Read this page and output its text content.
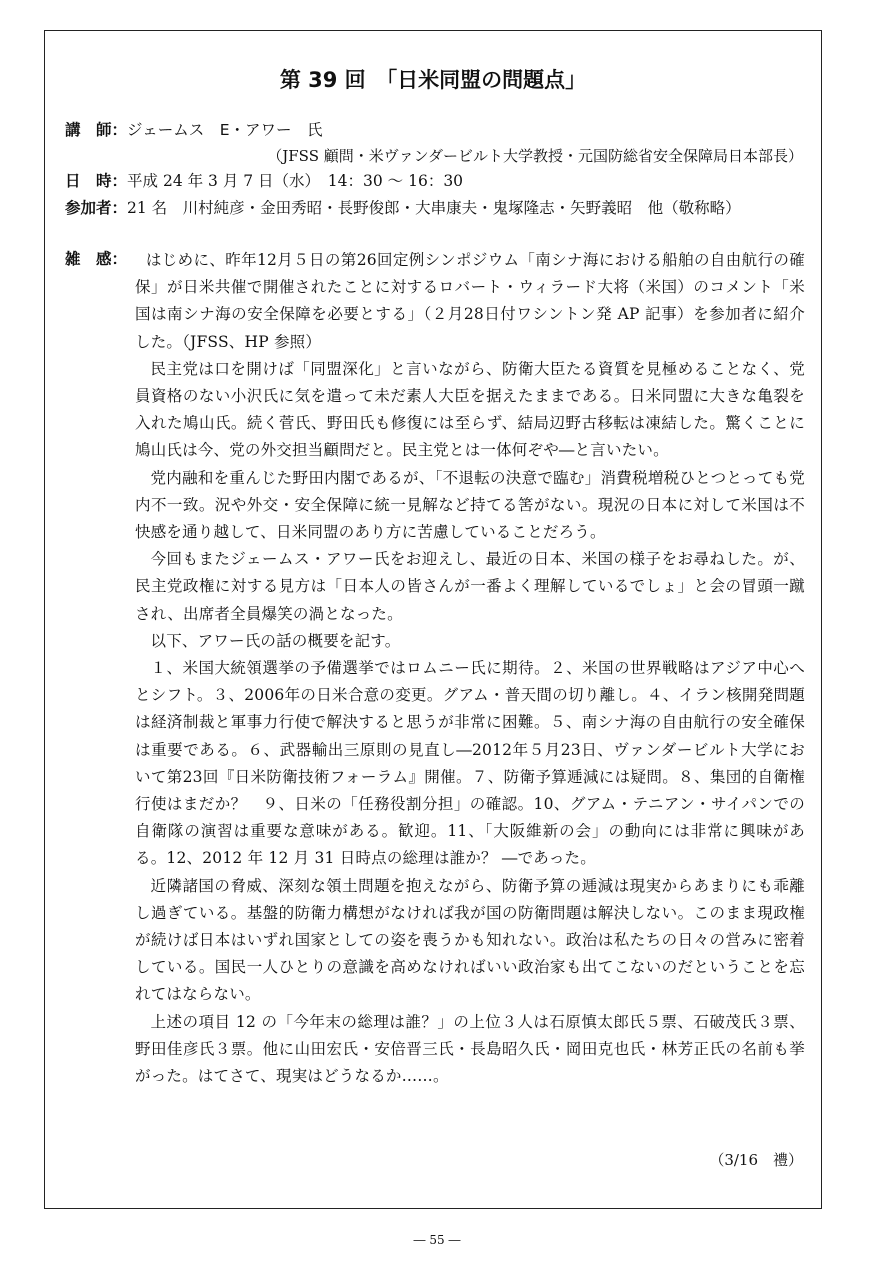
第 39 回　「日米同盟の問題点」
講　師：ジェームス　E・アワー　氏
（JFSS 顧問・米ヴァンダービルト大学教授・元国防総省安全保障局日本部長）
日　時：平成 24 年 3 月 7 日（水）　14：30 ～ 16：30
参加者：21 名　川村純彦・金田秀昭・長野俊郎・大串康夫・鬼塚隆志・矢野義昭　他（敬称略）
雑　感：	はじめに、昨年12月５日の第26回定例シンポジウム「南シナ海における船舶の自由航行の確保」が日米共催で開催されたことに対するロバート・ウィラード大将（米国）のコメント「米国は南シナ海の安全保障を必要とする」（２月28日付ワシントン発 AP 記事）を参加者に紹介した。（JFSS、HP 参照）

民主党は口を開けば「同盟深化」と言いながら、防衛大臣たる資質を見極めることなく、党員資格のない小沢氏に気を遣って未だ素人大臣を据えたままである。日米同盟に大きな亀裂を入れた鳩山氏。続く菅氏、野田氏も修復には至らず、結局辺野古移転は凍結した。驚くことに鳩山氏は今、党の外交担当顧問だと。民主党とは一体何ぞや―と言いたい。

党内融和を重んじた野田内閣であるが、「不退転の決意で臨む」消費税増税ひとつとっても党内不一致。況や外交・安全保障に統一見解など持てる筈がない。現況の日本に対して米国は不快感を通り越して、日米同盟のあり方に苦慮していることだろう。

今回もまたジェームス・アワー氏をお迎えし、最近の日本、米国の様子をお尋ねした。が、民主党政権に対する見方は「日本人の皆さんが一番よく理解しているでしょ」と会の冒頭一蹴され、出席者全員爆笑の渦となった。

以下、アワー氏の話の概要を記す。

１、米国大統領選挙の予備選挙ではロムニー氏に期待。２、米国の世界戦略はアジア中心へとシフト。３、2006年の日米合意の変更。グアム・普天間の切り離し。４、イラン核開発問題は経済制裁と軍事力行使で解決すると思うが非常に困難。５、南シナ海の自由航行の安全確保は重要である。６、武器輸出三原則の見直し―2012年５月23日、ヴァンダービルト大学において第23回『日米防衛技術フォーラム』開催。７、防衛予算逓減には疑問。８、集団的自衛権行使はまだか？　９、日米の「任務役割分担」の確認。10、グアム・テニアン・サイパンでの自衛隊の演習は重要な意味がある。歓迎。11、「大阪維新の会」の動向には非常に興味がある。12、2012 年 12 月 31 日時点の総理は誰か？ ―であった。

近隣諸国の脅威、深刻な領土問題を抱えながら、防衛予算の逓減は現実からあまりにも乖離し過ぎている。基盤的防衛力構想がなければ我が国の防衛問題は解決しない。このまま現政権が続けば日本はいずれ国家としての姿を喪うかも知れない。政治は私たちの日々の営みに密着している。国民一人ひとりの意識を高めなければいい政治家も出てこないのだということを忘れてはならない。

上述の項目 12 の「今年末の総理は誰？」の上位３人は石原慎太郎氏５票、石破茂氏３票、野田佳彦氏３票。他に山田宏氏・安倍晋三氏・長島昭久氏・岡田克也氏・林芳正氏の名前も挙がった。はてさて、現実はどうなるか……。

（3/16　禮）
― 55 ―
